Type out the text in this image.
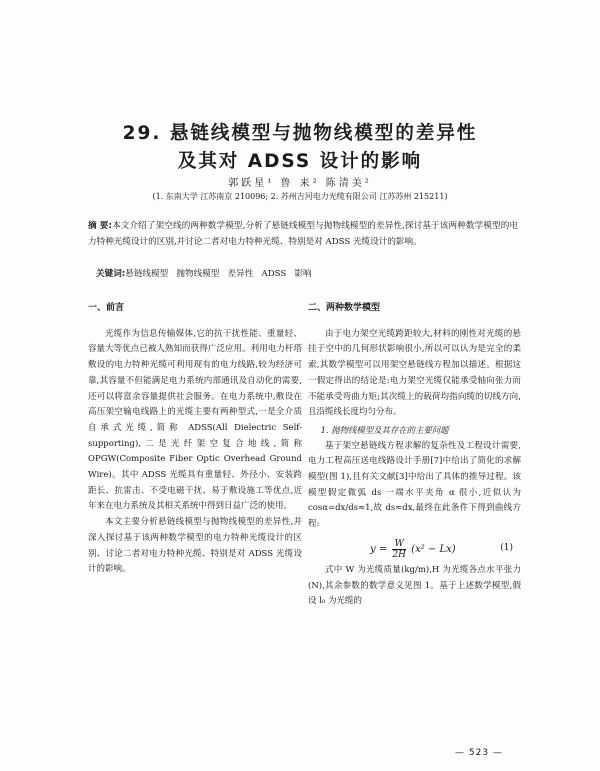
29. 悬链线模型与抛物线模型的差异性
及其对 ADSS 设计的影响
郭跃星¹ 鲁 来² 陈清美²
(1. 东南大学 江苏南京 210096; 2. 苏州吉河电力光缆有限公司 江苏苏州 215211)

摘 要:本文介绍了架空线的两种数学模型,分析了悬链线模型与抛物线模型的差异性,探讨基于该两种数学模型的电力特种光缆设计的区别,并讨论二者对电力特种光缆、特别是对 ADSS 光缆设计的影响。

关键词:悬链线模型   抛物线模型   差异性   ADSS   影响
一、前言

光缆作为信息传输媒体,它的抗干扰性能、重量轻、容量大等优点已被人熟知而获得广泛应用。利用电力杆塔敷设的电力特种光缆可利用现有的电力线路,较为经济可靠,其容量不但能满足电力系统内部通讯及自动化的需要,还可以将富余容量提供社会服务。在电力系统中,敷设在高压架空输电线路上的光缆主要有两种型式,一是全介质自承式光缆,简称 ADSS(All Dielectric Self-supporting),二是光纤架空复合地线,简称 OPGW(Composite Fiber Optic Overhead Ground Wire)。其中 ADSS 光缆具有重量轻、外径小、安装跨距长、抗雷击、不受电磁干扰、易于敷设施工等优点,近年来在电力系统及其相关系统中得到日益广泛的使用。

本文主要分析悬链线模型与抛物线模型的差异性,并深入探讨基于该两种数学模型的电力特种光缆设计的区别、讨论二者对电力特种光缆、特别是对 ADSS 光缆设计的影响。

二、两种数学模型

由于电力架空光缆跨距较大,材料的刚性对光缆的悬挂于空中的几何形状影响很小,所以可以认为是完全的柔索,其数学模型可以用架空悬链线方程加以描述。根据这一假定得出的结论是:电力架空光缆仅能承受轴向张力而不能承受弯曲力矩;其次缆上的载荷均指向缆的切线方向,且沿缆线长度均匀分布。

1. 抛物线模型及其存在的主要问题

基于架空悬链线方程求解的复杂性及工程设计需要,电力工程高压送电线路设计手册[7]中给出了简化的求解模型(图 1),且有关文献[3]中给出了具体的推导过程。该模型假定微弧 ds 一端水平夹角 α 很小,近似认为 cosα=dx/ds≈1,故 ds≈dx,最终在此条件下得到曲线方程:

$y = \frac{W}{2H} (x^2 - Lx)$	(1)

式中 W 为光缆质量(kg/m),H 为光缆各点水平张力(N),其余参数的数学意义见图 1。基于上述数学模型,假设 l₀ 为光缆的

— 523 —
